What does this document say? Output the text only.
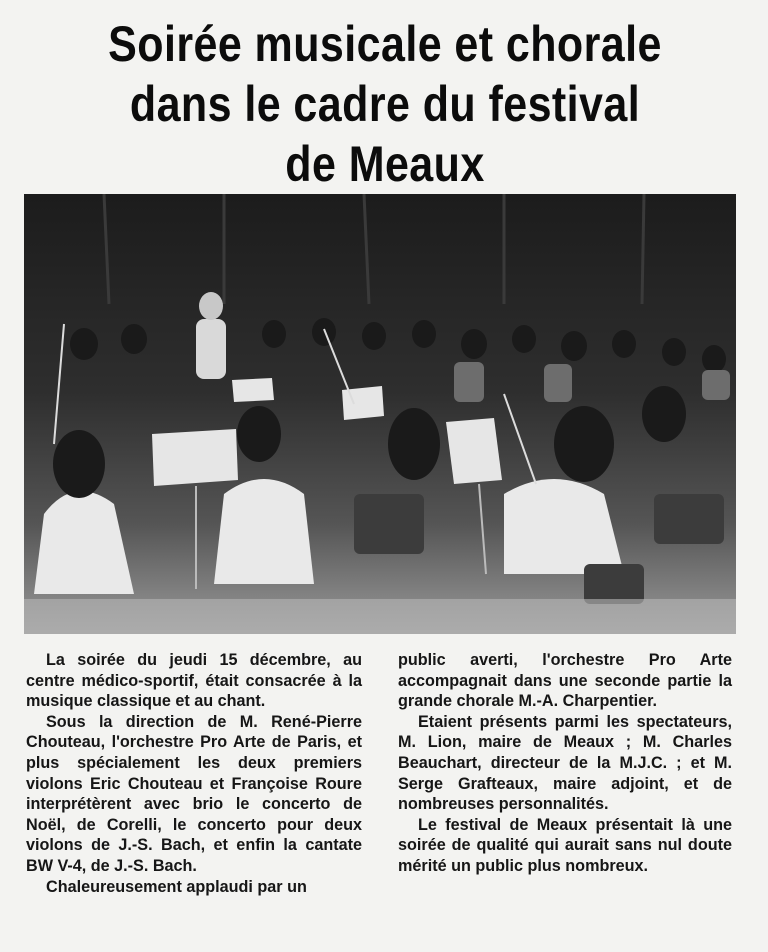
Soirée musicale et chorale
dans le cadre du festival
de Meaux

La soirée du jeudi 15 décembre, au centre médico-sportif, était consacrée à la musique classique et au chant.

Sous la direction de M. René-Pierre Chouteau, l'orchestre Pro Arte de Paris, et plus spécialement les deux premiers violons Eric Chouteau et Françoise Roure interprétèrent avec brio le concerto de Noël, de Corelli, le concerto pour deux violons de J.-S. Bach, et enfin la cantate BW V-4, de J.-S. Bach.

Chaleureusement applaudi par un

public averti, l'orchestre Pro Arte accompagnait dans une seconde partie la grande chorale M.-A. Charpentier.

Etaient présents parmi les spectateurs, M. Lion, maire de Meaux ; M. Charles Beauchart, directeur de la M.J.C. ; et M. Serge Grafteaux, maire adjoint, et de nombreuses personnalités.

Le festival de Meaux présentait là une soirée de qualité qui aurait sans nul doute mérité un public plus nombreux.
